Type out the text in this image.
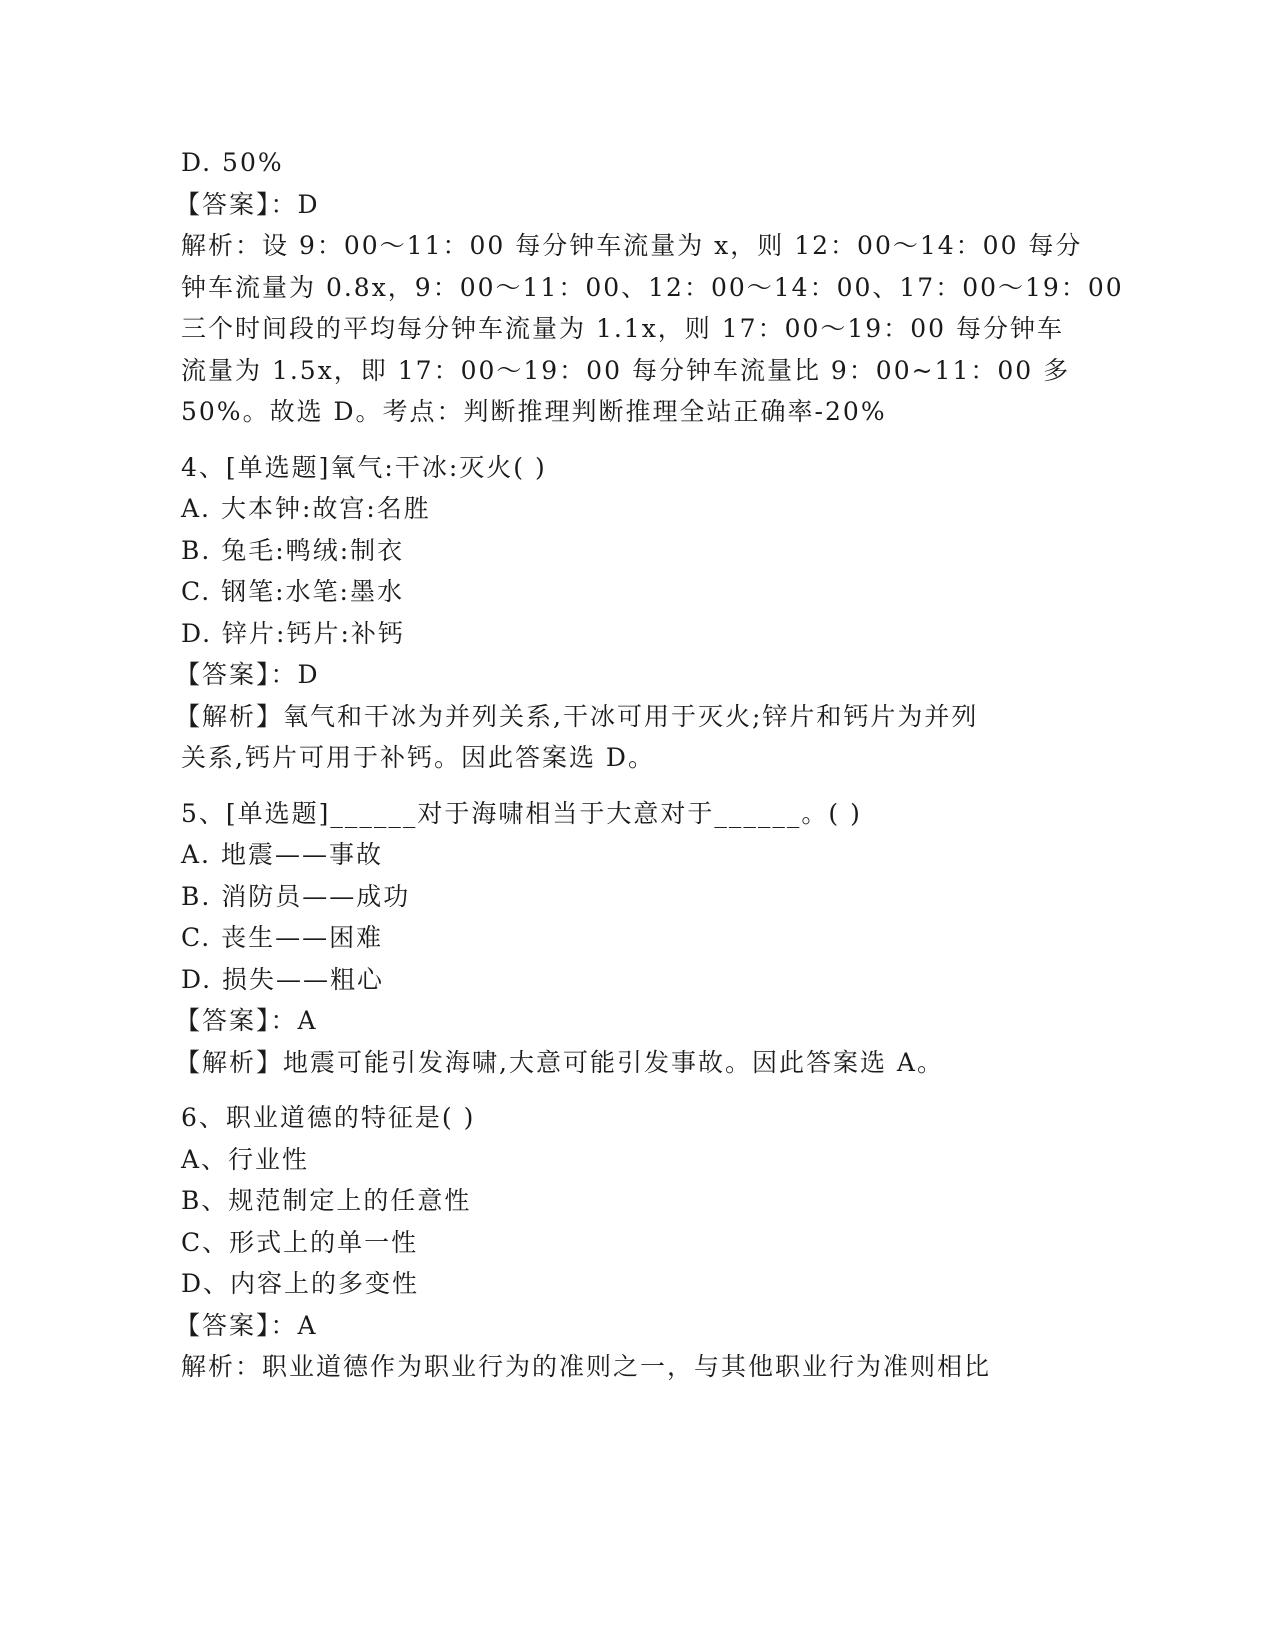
D. 50%
【答案】：D
解析：设 9：00～11：00 每分钟车流量为 x，则 12：00～14：00 每分
钟车流量为 0.8x，9：00～11：00、12：00～14：00、17：00～19：00
三个时间段的平均每分钟车流量为 1.1x，则 17：00～19：00 每分钟车
流量为 1.5x，即 17：00～19：00 每分钟车流量比 9：00~11：00 多
50%。故选 D。考点：判断推理判断推理全站正确率-20%
4、[单选题]氧气:干冰:灭火( )
A. 大本钟:故宫:名胜
B. 兔毛:鸭绒:制衣
C. 钢笔:水笔:墨水
D. 锌片:钙片:补钙
【答案】：D
【解析】氧气和干冰为并列关系,干冰可用于灭火;锌片和钙片为并列
关系,钙片可用于补钙。因此答案选 D。
5、[单选题]______对于海啸相当于大意对于______。( )
A. 地震——事故
B. 消防员——成功
C. 丧生——困难
D. 损失——粗心
【答案】：A
【解析】地震可能引发海啸,大意可能引发事故。因此答案选 A。
6、职业道德的特征是( )
A、行业性
B、规范制定上的任意性
C、形式上的单一性
D、内容上的多变性
【答案】：A
解析：职业道德作为职业行为的准则之一，与其他职业行为准则相比
